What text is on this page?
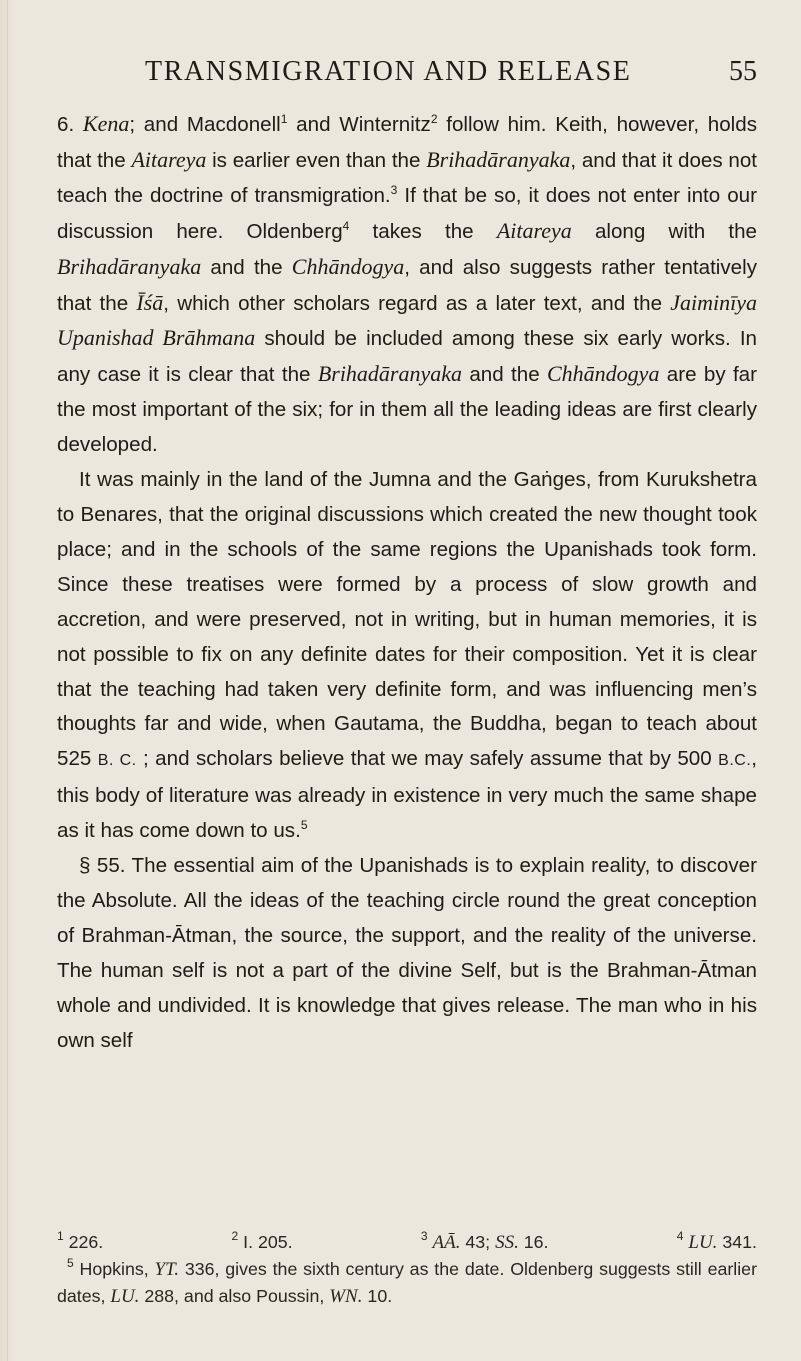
TRANSMIGRATION AND RELEASE	55

6. Kena; and Macdonell$^1$ and Winternitz$^2$ follow him. Keith, however, holds that the Aitareya is earlier even than the Brihadāranyaka, and that it does not teach the doctrine of transmigration.$^3$ If that be so, it does not enter into our discussion here. Oldenberg$^4$ takes the Aitareya along with the Brihadāranyaka and the Chhāndogya, and also suggests rather tentatively that the Īśā, which other scholars regard as a later text, and the Jaiminīya Upanishad Brāhmana should be included among these six early works. In any case it is clear that the Brihadāranyaka and the Chhāndogya are by far the most important of the six; for in them all the leading ideas are first clearly developed.

It was mainly in the land of the Jumna and the Gaṅges, from Kurukshetra to Benares, that the original discussions which created the new thought took place; and in the schools of the same regions the Upanishads took form. Since these treatises were formed by a process of slow growth and accretion, and were preserved, not in writing, but in human memories, it is not possible to fix on any definite dates for their composition. Yet it is clear that the teaching had taken very definite form, and was influencing men’s thoughts far and wide, when Gautama, the Buddha, began to teach about 525 B. C. ; and scholars believe that we may safely assume that by 500 B.C., this body of literature was already in existence in very much the same shape as it has come down to us.$^5$

§ 55. The essential aim of the Upanishads is to explain reality, to discover the Absolute. All the ideas of the teaching circle round the great conception of Brahman-Ātman, the source, the support, and the reality of the universe. The human self is not a part of the divine Self, but is the Brahman-Ātman whole and undivided. It is knowledge that gives release. The man who in his own self

$^1$ 226.	$^2$ I. 205.	$^3$ AĀ. 43; SS. 16.	$^4$ LU. 341.
$^5$ Hopkins, YT. 336, gives the sixth century as the date. Oldenberg suggests still earlier dates, LU. 288, and also Poussin, WN. 10.
